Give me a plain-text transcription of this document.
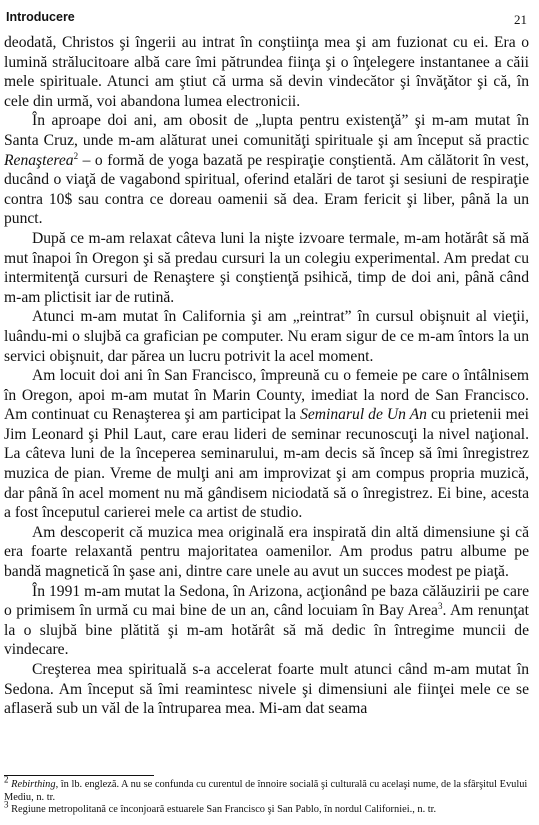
Introducere	21

deodată, Christos şi îngerii au intrat în conştiinţa mea şi am fuzionat cu ei. Era o lumină strălucitoare albă care îmi pătrundea fiinţa şi o înţelegere instantanee a căii mele spirituale. Atunci am ştiut că urma să devin vindecător şi învăţător şi că, în cele din urmă, voi abandona lumea electronicii.

În aproape doi ani, am obosit de „lupta pentru existenţă” şi m-am mutat în Santa Cruz, unde m-am alăturat unei comunităţi spirituale şi am început să practic Renaşterea$^2$ – o formă de yoga bazată pe respiraţie conştientă. Am călătorit în vest, ducând o viaţă de vagabond spiritual, oferind etalări de tarot şi sesiuni de respiraţie contra 10$ sau contra ce doreau oamenii să dea. Eram fericit şi liber, până la un punct.

După ce m-am relaxat câteva luni la nişte izvoare termale, m-am hotărât să mă mut înapoi în Oregon şi să predau cursuri la un colegiu experimental. Am predat cu intermitenţă cursuri de Renaştere şi conştienţă psihică, timp de doi ani, până când m-am plictisit iar de rutină.

Atunci m-am mutat în California şi am „reintrat” în cursul obişnuit al vieţii, luându-mi o slujbă ca grafician pe computer. Nu eram sigur de ce m-am întors la un servici obişnuit, dar părea un lucru potrivit la acel moment.

Am locuit doi ani în San Francisco, împreună cu o femeie pe care o întâlnisem în Oregon, apoi m-am mutat în Marin County, imediat la nord de San Francisco. Am continuat cu Renaşterea şi am participat la Seminarul de Un An cu prietenii mei Jim Leonard şi Phil Laut, care erau lideri de seminar recunoscuţi la nivel naţional. La câteva luni de la începerea seminarului, m-am decis să încep să îmi înregistrez muzica de pian. Vreme de mulţi ani am improvizat şi am compus propria muzică, dar până în acel moment nu mă gândisem niciodată să o înregistrez. Ei bine, acesta a fost începutul carierei mele ca artist de studio.

Am descoperit că muzica mea originală era inspirată din altă dimensiune şi că era foarte relaxantă pentru majoritatea oamenilor. Am produs patru albume pe bandă magnetică în şase ani, dintre care unele au avut un succes modest pe piaţă.

În 1991 m-am mutat la Sedona, în Arizona, acţionând pe baza călăuzirii pe care o primisem în urmă cu mai bine de un an, când locuiam în Bay Area$^3$. Am renunţat la o slujbă bine plătită şi m-am hotărât să mă dedic în întregime muncii de vindecare.

Creşterea mea spirituală s-a accelerat foarte mult atunci când m-am mutat în Sedona. Am început să îmi reamintesc nivele şi dimensiuni ale fiinţei mele ce se aflaseră sub un văl de la întruparea mea. Mi-am dat seama

$^2$ Rebirthing, în lb. engleză. A nu se confunda cu curentul de înnoire socială şi culturală cu acelaşi nume, de la sfârşitul Evului Mediu, n. tr.

$^3$ Regiune metropolitană ce înconjoară estuarele San Francisco şi San Pablo, în nordul Californiei., n. tr.
